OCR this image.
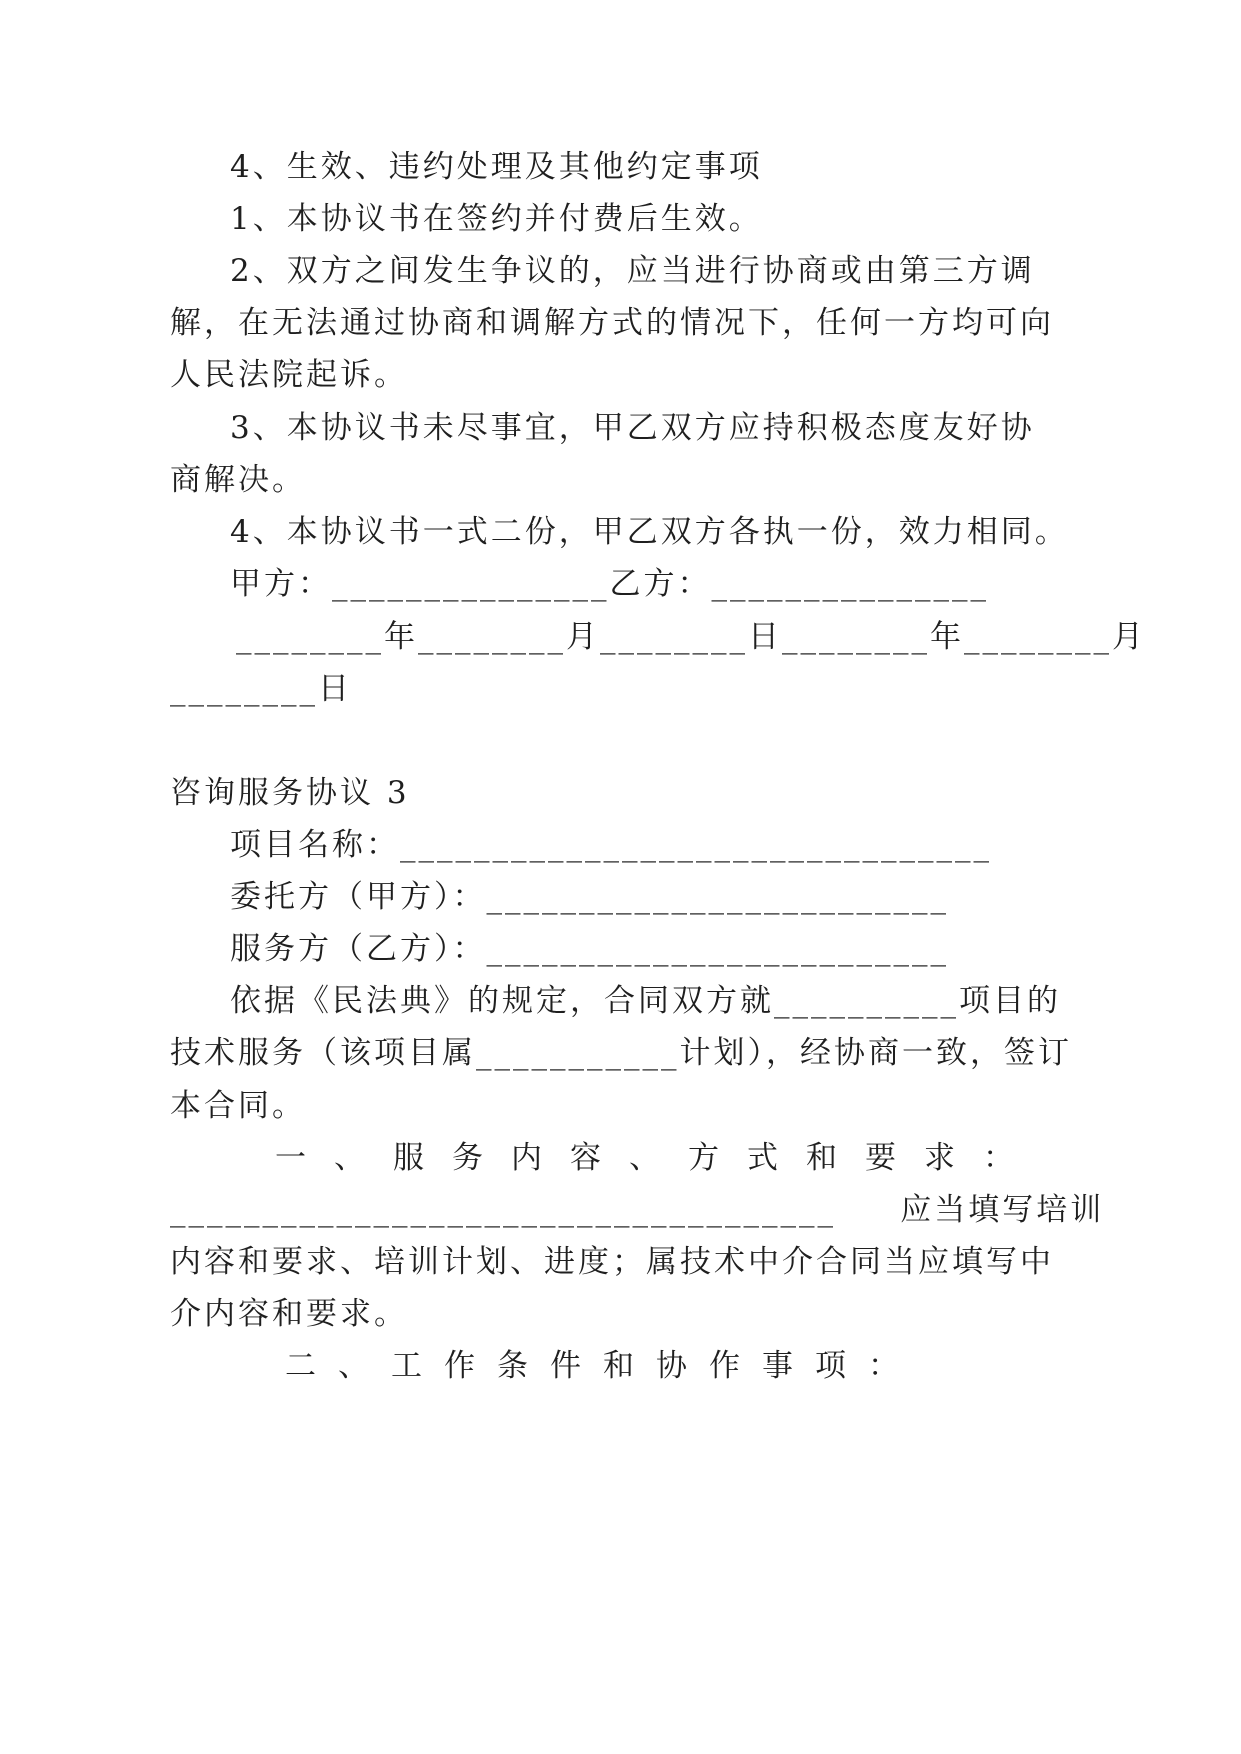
4、生效、违约处理及其他约定事项
1、本协议书在签约并付费后生效。
2、双方之间发生争议的，应当进行协商或由第三方调
解，在无法通过协商和调解方式的情况下，任何一方均可向
人民法院起诉。
3、本协议书未尽事宜，甲乙双方应持积极态度友好协
商解决。
4、本协议书一式二份，甲乙双方各执一份，效力相同。
甲方：_______________乙方：_______________
________年________月________日________年________月
________日
咨询服务协议 3
项目名称：________________________________
委托方（甲方）：_________________________
服务方（乙方）：_________________________
依据《民法典》的规定，合同双方就__________项目的
技术服务（该项目属___________计划），经协商一致，签订
本合同。
一、服务内容、方式和要求：
____________________________________     应当填写培训
内容和要求、培训计划、进度；属技术中介合同当应填写中
介内容和要求。
二、工作条件和协作事项：
